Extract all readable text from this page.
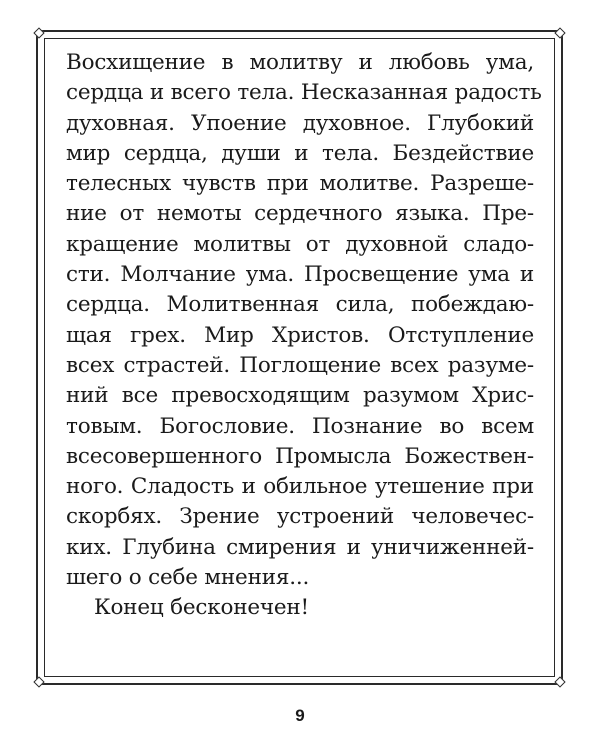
Восхищение в молитву и любовь ума,
сердца и всего тела. Несказанная радость
духовная. Упоение духовное. Глубокий
мир сердца, души и тела. Бездействие
телесных чувств при молитве. Разреше-
ние от немоты сердечного языка. Пре-
кращение молитвы от духовной сладо-
сти. Молчание ума. Просвещение ума и
сердца. Молитвенная сила, побеждаю-
щая грех. Мир Христов. Отступление
всех страстей. Поглощение всех разуме-
ний все превосходящим разумом Хрис-
товым. Богословие. Познание во всем
всесовершенного Промысла Божествен-
ного. Сладость и обильное утешение при
скорбях. Зрение устроений человечес-
ких. Глубина смирения и уничиженней-
шего о себе мнения...
Конец бесконечен!
9
